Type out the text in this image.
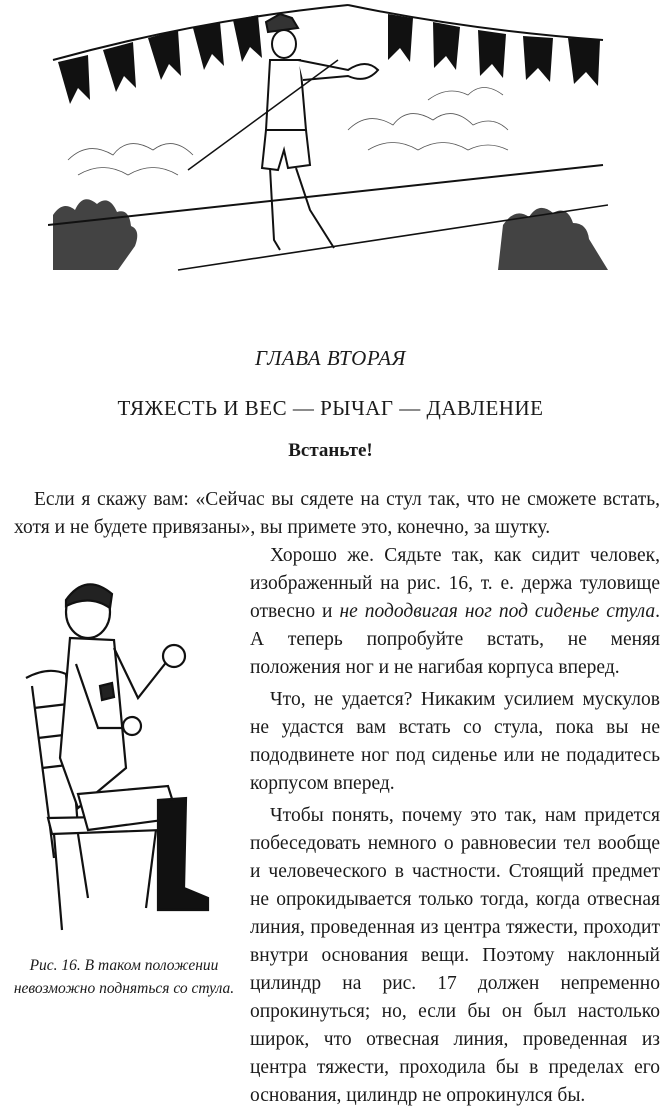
ГЛАВА ВТОРАЯ
ТЯЖЕСТЬ И ВЕС — РЫЧАГ — ДАВЛЕНИЕ
Встаньте!

Если я скажу вам: «Сейчас вы сядете на стул так, что не сможете встать, хотя и не будете привязаны», вы примете это, конечно, за шутку.

Хорошо же. Сядьте так, как сидит человек, изображенный на рис. 16, т. е. держа туловище отвесно и не пододвигая ног под сиденье стула. А теперь попробуйте встать, не меняя положения ног и не нагибая корпуса вперед.

Что, не удается? Никаким усилием мускулов не удастся вам встать со стула, пока вы не пододвинете ног под сиденье или не подадитесь корпусом вперед.

Чтобы понять, почему это так, нам придется побеседовать немного о равновесии тел вообще и человеческого в частности. Стоящий предмет не опрокидывается только тогда, когда отвесная линия, проведенная из центра тяжести, проходит внутри основания вещи. Поэтому наклонный цилиндр на рис. 17 должен непременно опрокинуться; но, если бы он был настолько широк, что отвесная линия, проведенная из центра тяжести, проходила бы в пределах его основания, цилиндр не опрокинулся бы.

Рис. 16. В таком положении невозможно подняться со стула.
